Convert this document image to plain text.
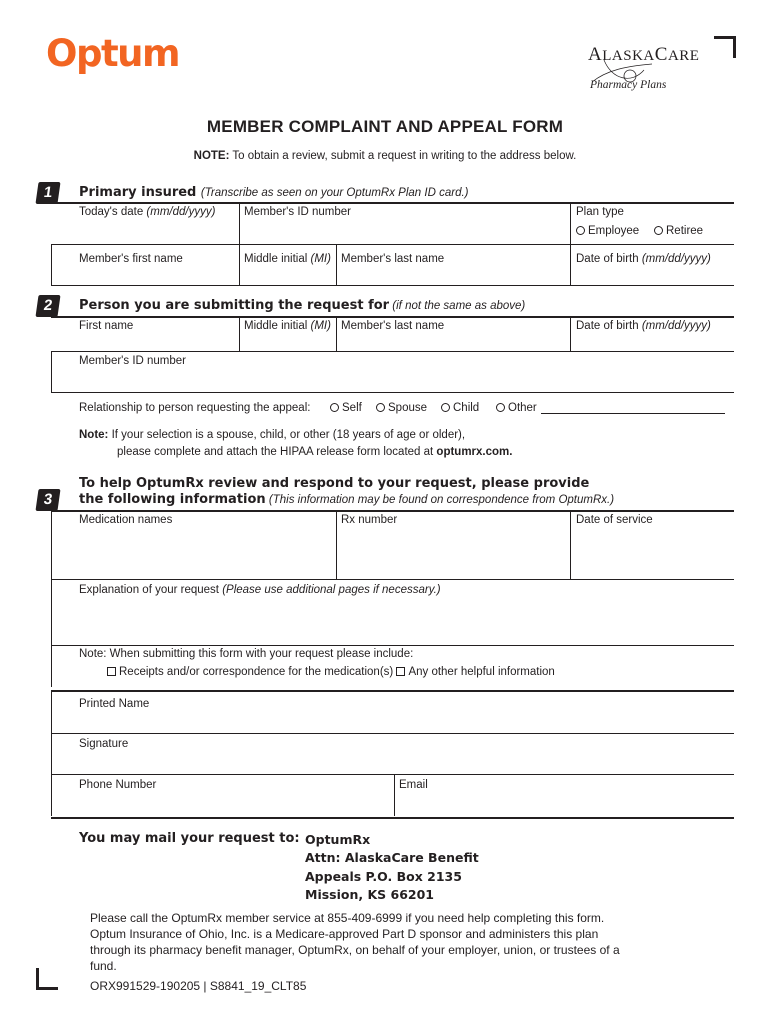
Optum	ALASKACARE
Pharmacy Plans
MEMBER COMPLAINT AND APPEAL FORM
NOTE: To obtain a review, submit a request in writing to the address below.
1	Primary insured (Transcribe as seen on your OptumRx Plan ID card.)
Today's date (mm/dd/yyyy) Member's ID number	Plan type
Employee	Retiree
Member's first name	Middle initial (MI) Member's last name	Date of birth (mm/dd/yyyy)
2	Person you are submitting the request for (if not the same as above)
First name	Middle initial (MI) Member's last name	Date of birth (mm/dd/yyyy)
Member's ID number
Relationship to person requesting the appeal:	Self	Spouse	Child	Other
Note: If your selection is a spouse, child, or other (18 years of age or older),
please complete and attach the HIPAA release form located at optumrx.com.
3
To help OptumRx review and respond to your request, please provide
the following information (This information may be found on correspondence from OptumRx.)
Medication names	Rx number	Date of service
Explanation of your request (Please use additional pages if necessary.)
Note: When submitting this form with your request please include:
Receipts and/or correspondence for the medication(s) Any other helpful information
Printed Name
Signature
Phone Number	Email
You may mail your request to: OptumRx
Attn: AlaskaCare Benefit
Appeals P.O. Box 2135
Mission, KS 66201
Please call the OptumRx member service at 855-409-6999 if you need help completing this form.
Optum Insurance of Ohio, Inc. is a Medicare-approved Part D sponsor and administers this plan
through its pharmacy benefit manager, OptumRx, on behalf of your employer, union, or trustees of a
fund.
ORX991529-190205 | S8841_19_CLT85
